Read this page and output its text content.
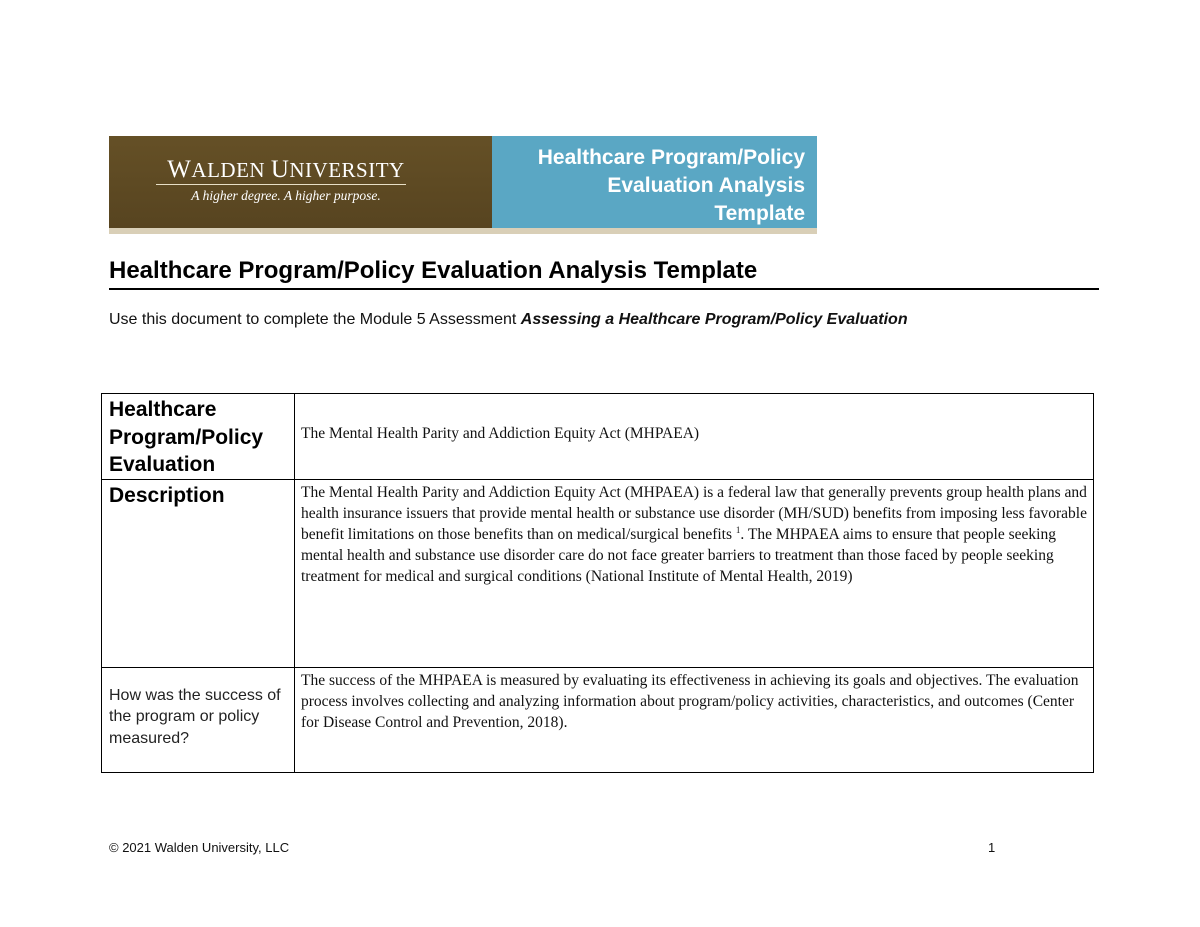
WALDEN UNIVERSITY
A higher degree. A higher purpose.
Healthcare Program/Policy
Evaluation Analysis
Template
Healthcare Program/Policy Evaluation Analysis Template
Use this document to complete the Module 5 Assessment Assessing a Healthcare Program/Policy Evaluation
Healthcare
Program/Policy
Evaluation	The Mental Health Parity and Addiction Equity Act (MHPAEA)

Description	The Mental Health Parity and Addiction Equity Act (MHPAEA) is a federal law that generally prevents group health plans and health insurance issuers that provide mental health or substance use disorder (MH/SUD) benefits from imposing less favorable benefit limitations on those benefits than on medical/surgical benefits $^1$. The MHPAEA aims to ensure that people seeking mental health and substance use disorder care do not face greater barriers to treatment than those faced by people seeking treatment for medical and surgical conditions (National Institute of Mental Health, 2019)

How was the success of the program or policy measured?	The success of the MHPAEA is measured by evaluating its effectiveness in achieving its goals and objectives. The evaluation process involves collecting and analyzing information about program/policy activities, characteristics, and outcomes (Center for Disease Control and Prevention, 2018).
© 2021 Walden University, LLC	1
